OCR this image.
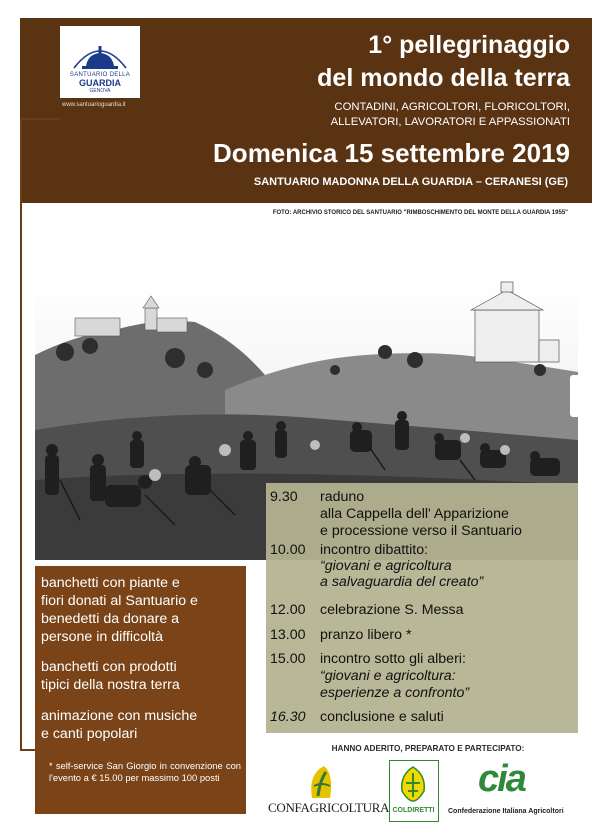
SANTUARIO DELLA
GUARDIA
GENOVA
www.santuarioguardia.it
1° pellegrinaggio
del mondo della terra
CONTADINI, AGRICOLTORI, FLORICOLTORI,
ALLEVATORI, LAVORATORI E APPASSIONATI
Domenica 15 settembre 2019
SANTUARIO MADONNA DELLA GUARDIA – CERANESI (GE)
FOTO: ARCHIVIO STORICO DEL SANTUARIO "RIMBOSCHIMENTO DEL MONTE DELLA GUARDIA 1955"
9.30 raduno
alla Cappella dell' Apparizione
e processione verso il Santuario
10.00 incontro dibattito:
“giovani e agricoltura
a salvaguardia del creato”
12.00 celebrazione S. Messa
13.00 pranzo libero *
15.00 incontro sotto gli alberi:
“giovani e agricoltura:
esperienze a confronto”
16.30 conclusione e saluti
banchetti con piante e
fiori donati al Santuario e
benedetti da donare a
persone in difficoltà
banchetti con prodotti
tipici della nostra terra
animazione con musiche
e canti popolari
* self-service San Giorgio in convenzione con l'evento a € 15.00 per massimo 100 posti
HANNO ADERITO, PREPARATO E PARTECIPATO:
CONFAGRICOLTURA COLDIRETTI
cia
Confederazione Italiana Agricoltori
